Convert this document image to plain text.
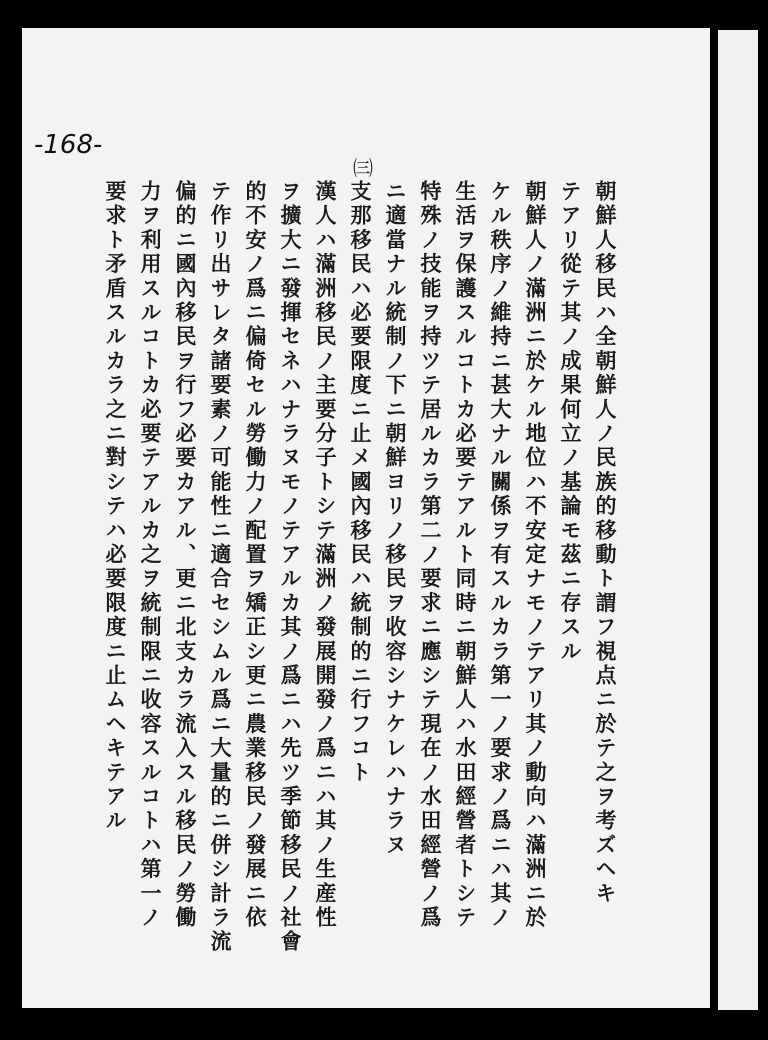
-168-
㈢
朝鮮人移民ハ全朝鮮人ノ民族的移動ト謂フ視点ニ於テ之ヲ考ズヘキ
テアリ從テ其ノ成果何立ノ基論モ茲ニ存スル
朝鮮人ノ滿洲ニ於ケル地位ハ不安定ナモノテアリ其ノ動向ハ滿洲ニ於
ケル秩序ノ維持ニ甚大ナル關係ヲ有スルカラ第一ノ要求ノ爲ニハ其ノ
生活ヲ保護スルコトカ必要テアルト同時ニ朝鮮人ハ水田經營者トシテ
特殊ノ技能ヲ持ツテ居ルカラ第二ノ要求ニ應シテ現在ノ水田經營ノ爲
ニ適當ナル統制ノ下ニ朝鮮ヨリノ移民ヲ收容シナケレハナラヌ
支那移民ハ必要限度ニ止メ國內移民ハ統制的ニ行フコト
漢人ハ滿洲移民ノ主要分子トシテ滿洲ノ發展開發ノ爲ニハ其ノ生産性
ヲ擴大ニ發揮セネハナラヌモノテアルカ其ノ爲ニハ先ツ季節移民ノ社會
的不安ノ爲ニ偏倚セル勞働力ノ配置ヲ矯正シ更ニ農業移民ノ發展ニ依
テ作リ出サレタ諸要素ノ可能性ニ適合セシムル爲ニ大量的ニ併シ計ラ流
偏的ニ國內移民ヲ行フ必要カアル、更ニ北支カラ流入スル移民ノ勞働
力ヲ利用スルコトカ必要テアルカ之ヲ統制限ニ收容スルコトハ第一ノ
要求ト矛盾スルカラ之ニ對シテハ必要限度ニ止ムヘキテアル
